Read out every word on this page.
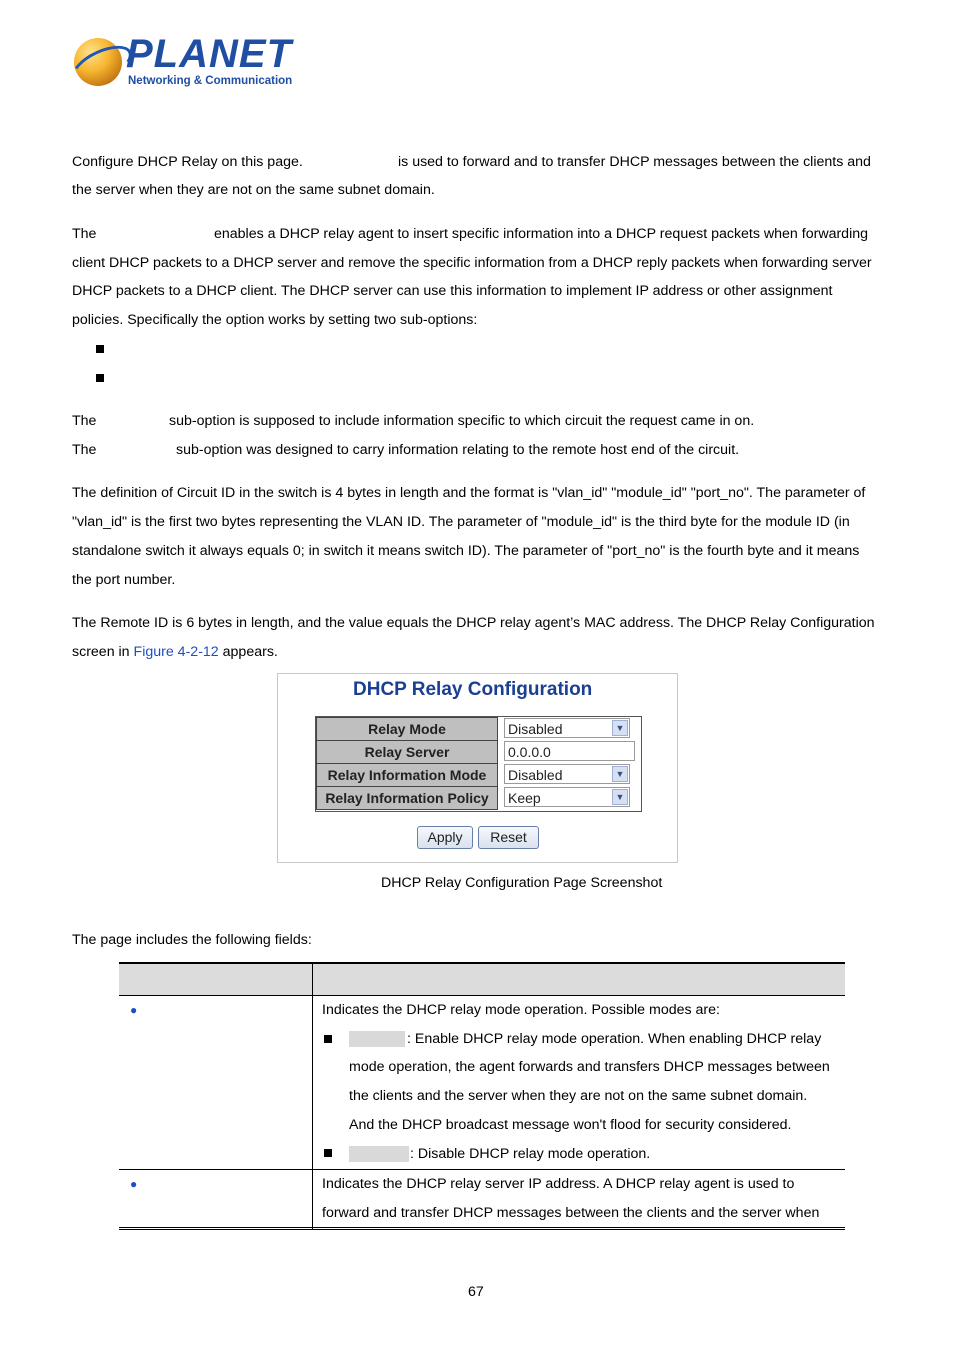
PLANET
Networking & Communication
Configure DHCP Relay on this page.	is used to forward and to transfer DHCP messages between the clients and
the server when they are not on the same subnet domain.
The	enables a DHCP relay agent to insert specific information into a DHCP request packets when forwarding
client DHCP packets to a DHCP server and remove the specific information from a DHCP reply packets when forwarding server
DHCP packets to a DHCP client. The DHCP server can use this information to implement IP address or other assignment
policies. Specifically the option works by setting two sub-options:
The	sub-option is supposed to include information specific to which circuit the request came in on.
The	sub-option was designed to carry information relating to the remote host end of the circuit.
The definition of Circuit ID in the switch is 4 bytes in length and the format is "vlan_id" "module_id" "port_no". The parameter of
"vlan_id" is the first two bytes representing the VLAN ID. The parameter of "module_id" is the third byte for the module ID (in
standalone switch it always equals 0; in switch it means switch ID). The parameter of "port_no" is the fourth byte and it means
the port number.
The Remote ID is 6 bytes in length, and the value equals the DHCP relay agent’s MAC address. The DHCP Relay Configuration
screen in Figure 4-2-12 appears.
DHCP Relay Configuration
Relay Mode	Disabled	▼
Relay Server	0.0.0.0
Relay Information Mode	Disabled	▼
Relay Information Policy	Keep	▼
Apply	Reset
DHCP Relay Configuration Page Screenshot
The page includes the following fields:
●	Indicates the DHCP relay mode operation. Possible modes are:
: Enable DHCP relay mode operation. When enabling DHCP relay
mode operation, the agent forwards and transfers DHCP messages between
the clients and the server when they are not on the same subnet domain.
And the DHCP broadcast message won't flood for security considered.
: Disable DHCP relay mode operation.
●	Indicates the DHCP relay server IP address. A DHCP relay agent is used to
forward and transfer DHCP messages between the clients and the server when
67
